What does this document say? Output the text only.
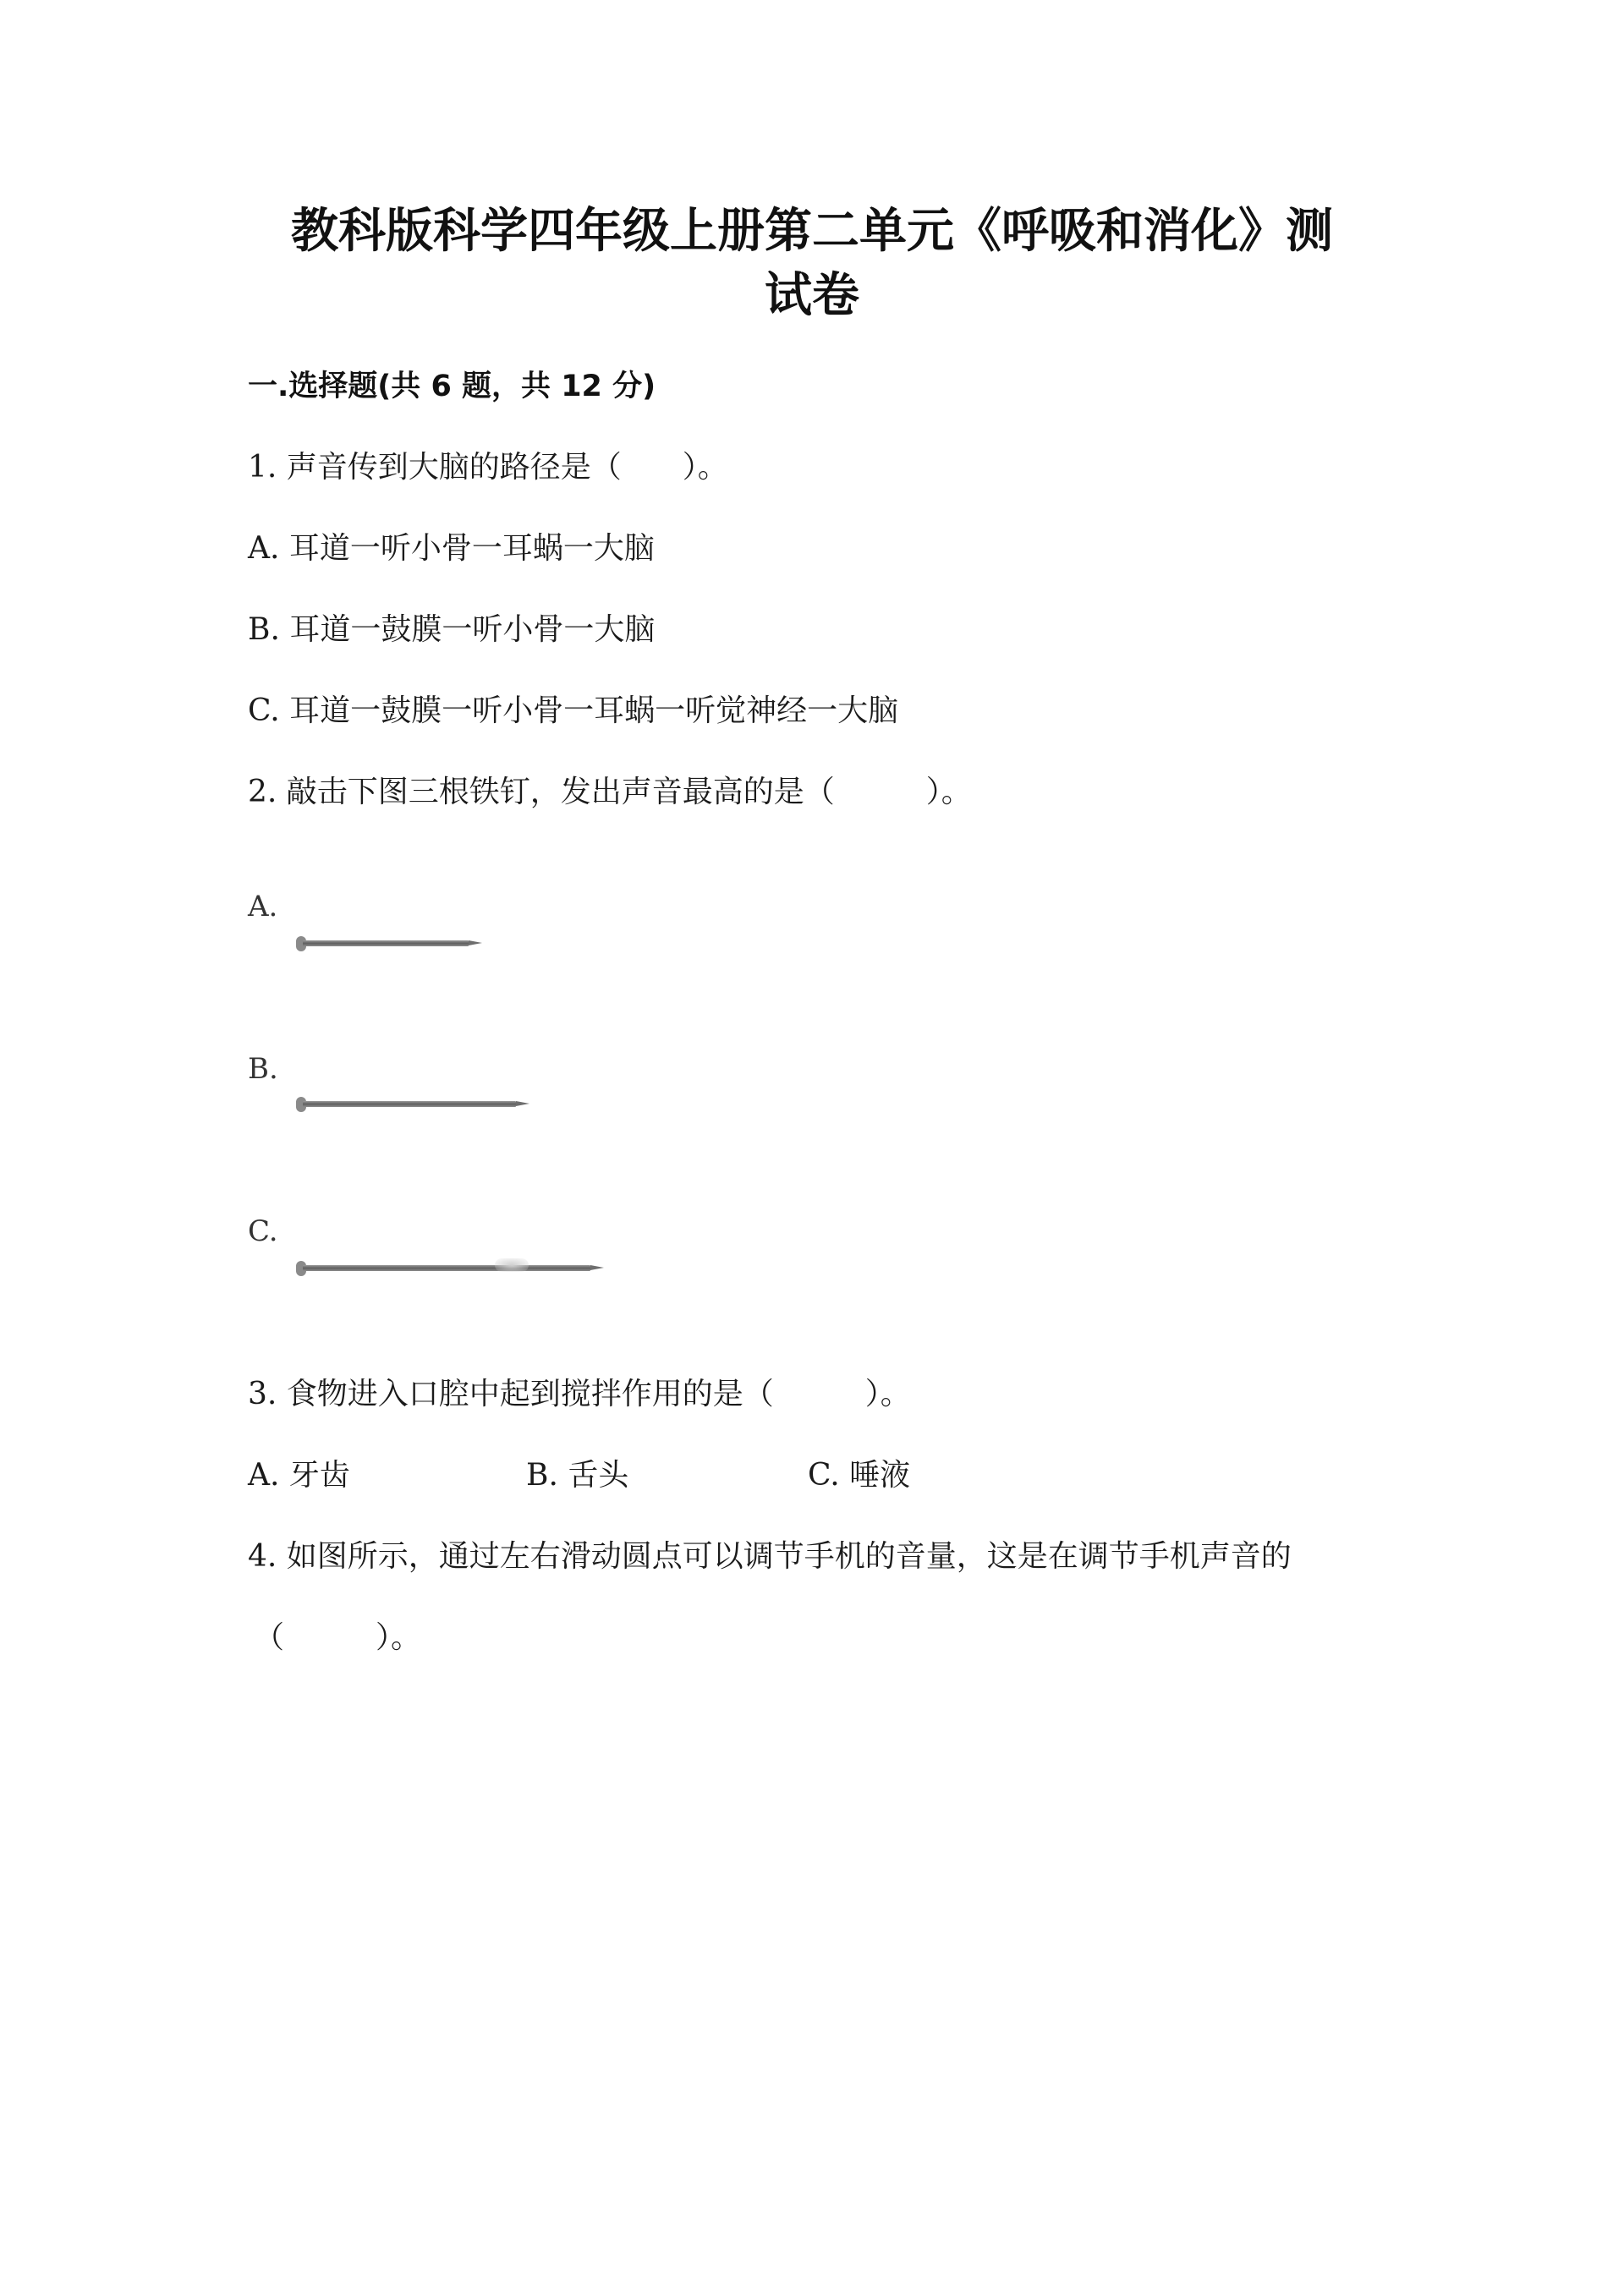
教科版科学四年级上册第二单元《呼吸和消化》测
试卷
一.选择题(共 6 题，共 12 分)
1. 声音传到大脑的路径是（　　）。
A. 耳道一听小骨一耳蜗一大脑
B. 耳道一鼓膜一听小骨一大脑
C. 耳道一鼓膜一听小骨一耳蜗一听觉神经一大脑
2. 敲击下图三根铁钉，发出声音最高的是（　　　）。
A.
B.
C.
3. 食物进入口腔中起到搅拌作用的是（　　　）。
A. 牙齿	B. 舌头	C. 唾液
4. 如图所示，通过左右滑动圆点可以调节手机的音量，这是在调节手机声音的
（　　　）。
